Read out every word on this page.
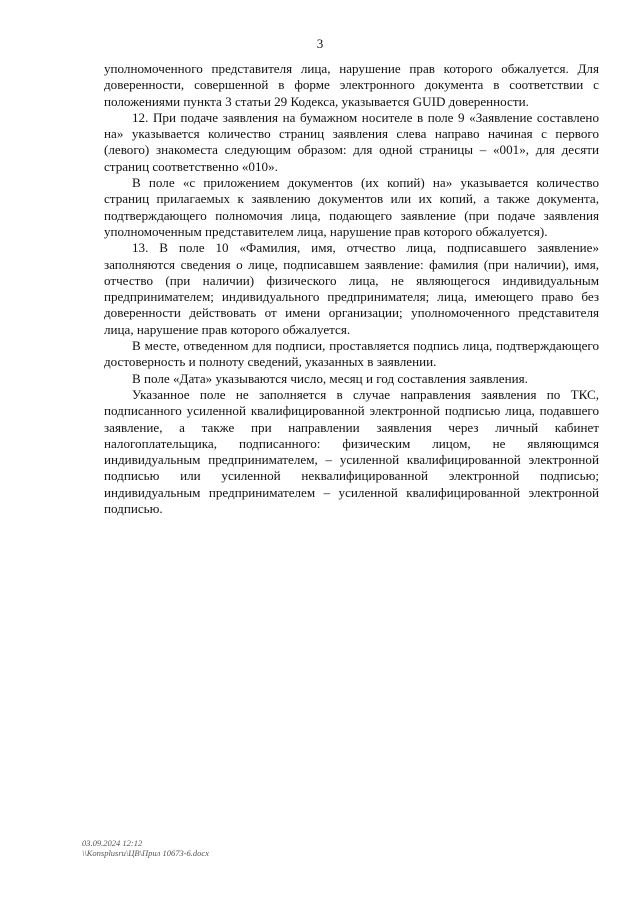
3

уполномоченного представителя лица, нарушение прав которого обжалуется. Для доверенности, совершенной в форме электронного документа в соответствии с положениями пункта 3 статьи 29 Кодекса, указывается GUID доверенности.

12. При подаче заявления на бумажном носителе в поле 9 «Заявление составлено на» указывается количество страниц заявления слева направо начиная с первого (левого) знакоместа следующим образом: для одной страницы – «001», для десяти страниц соответственно «010».

В поле «с приложением документов (их копий) на» указывается количество страниц прилагаемых к заявлению документов или их копий, а также документа, подтверждающего полномочия лица, подающего заявление (при подаче заявления уполномоченным представителем лица, нарушение прав которого обжалуется).

13. В поле 10 «Фамилия, имя, отчество лица, подписавшего заявление» заполняются сведения о лице, подписавшем заявление: фамилия (при наличии), имя, отчество (при наличии) физического лица, не являющегося индивидуальным предпринимателем; индивидуального предпринимателя; лица, имеющего право без доверенности действовать от имени организации; уполномоченного представителя лица, нарушение прав которого обжалуется.

В месте, отведенном для подписи, проставляется подпись лица, подтверждающего достоверность и полноту сведений, указанных в заявлении.

В поле «Дата» указываются число, месяц и год составления заявления.

Указанное поле не заполняется в случае направления заявления по ТКС, подписанного усиленной квалифицированной электронной подписью лица, подавшего заявление, а также при направлении заявления через личный кабинет налогоплательщика, подписанного: физическим лицом, не являющимся индивидуальным предпринимателем, – усиленной квалифицированной электронной подписью или усиленной неквалифицированной электронной подписью; индивидуальным предпринимателем – усиленной квалифицированной электронной подписью.

03.09.2024 12:12
\\Konsplusru\ЦВ\Прил 10673-6.docx
